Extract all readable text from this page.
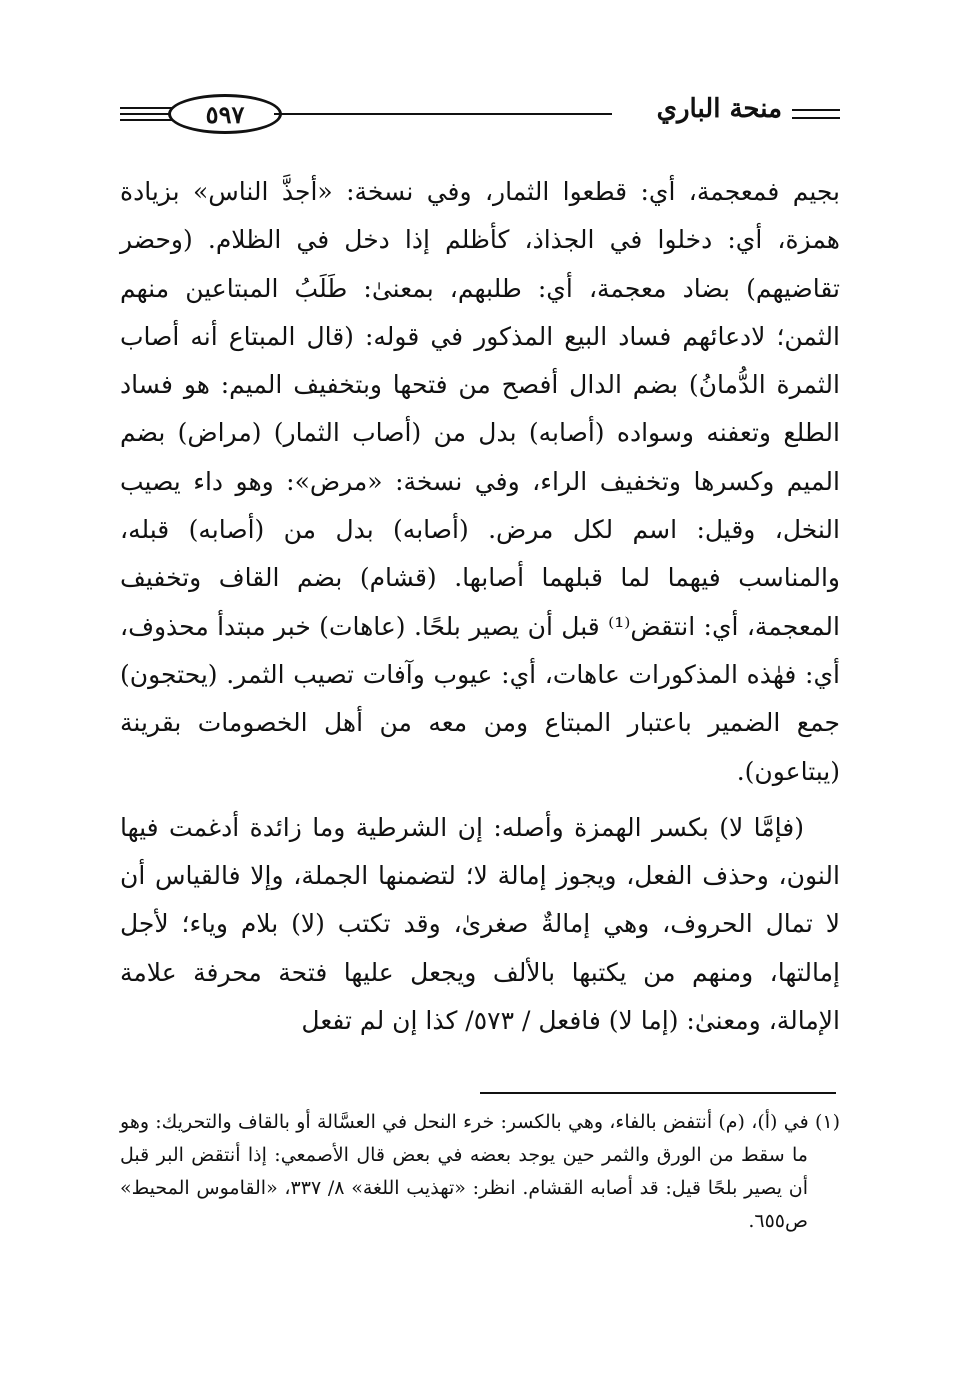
٥٩٧	منحة الباري

بجيم فمعجمة، أي: قطعوا الثمار، وفي نسخة: «أجذَّ الناس» بزيادة همزة، أي: دخلوا في الجذاذ، كأظلم إذا دخل في الظلام. (وحضر تقاضيهم) بضاد معجمة، أي: طلبهم، بمعنىٰ: طَلَبُ المبتاعين منهم الثمن؛ لادعائهم فساد البيع المذكور في قوله: (قال المبتاع أنه أصاب الثمرة الدُّمانُ) بضم الدال أفصح من فتحها وبتخفيف الميم: هو فساد الطلع وتعفنه وسواده (أصابه) بدل من (أصاب الثمار) (مراض) بضم الميم وكسرها وتخفيف الراء، وفي نسخة: «مرض»: وهو داء يصيب النخل، وقيل: اسم لكل مرض. (أصابه) بدل من (أصابه) قبله، والمناسب فيهما لما قبلهما أصابها. (قشام) بضم القاف وتخفيف المعجمة، أي: انتقض⁽¹⁾ قبل أن يصير بلحًا. (عاهات) خبر مبتدأ محذوف، أي: فهٰذه المذكورات عاهات، أي: عيوب وآفات تصيب الثمر. (يحتجون) جمع الضمير باعتبار المبتاع ومن معه من أهل الخصومات بقرينة (يبتاعون).

(فإمَّا لا) بكسر الهمزة وأصله: إن الشرطية وما زائدة أدغمت فيها النون، وحذف الفعل، ويجوز إمالة لا؛ لتضمنها الجملة، وإلا فالقياس أن لا تمال الحروف، وهي إمالةٌ صغرىٰ، وقد تكتب (لا) بلام وياء؛ لأجل إمالتها، ومنهم من يكتبها بالألف ويجعل عليها فتحة محرفة علامة الإمالة، ومعنىٰ: (إما لا) فافعل / ٥٧٣/ كذا إن لم تفعل

(١) في (أ)، (م) أنتفض بالفاء، وهي بالكسر: خرء النحل في العسَّالة أو بالقاف والتحريك: وهو ما سقط من الورق والثمر حين يوجد بعضه في بعض قال الأصمعي: إذا أنتقض البر قبل أن يصير بلحًا قيل: قد أصابه القشام. انظر: «تهذيب اللغة» ٨/ ٣٣٧، «القاموس المحيط» ص٦٥٥.
